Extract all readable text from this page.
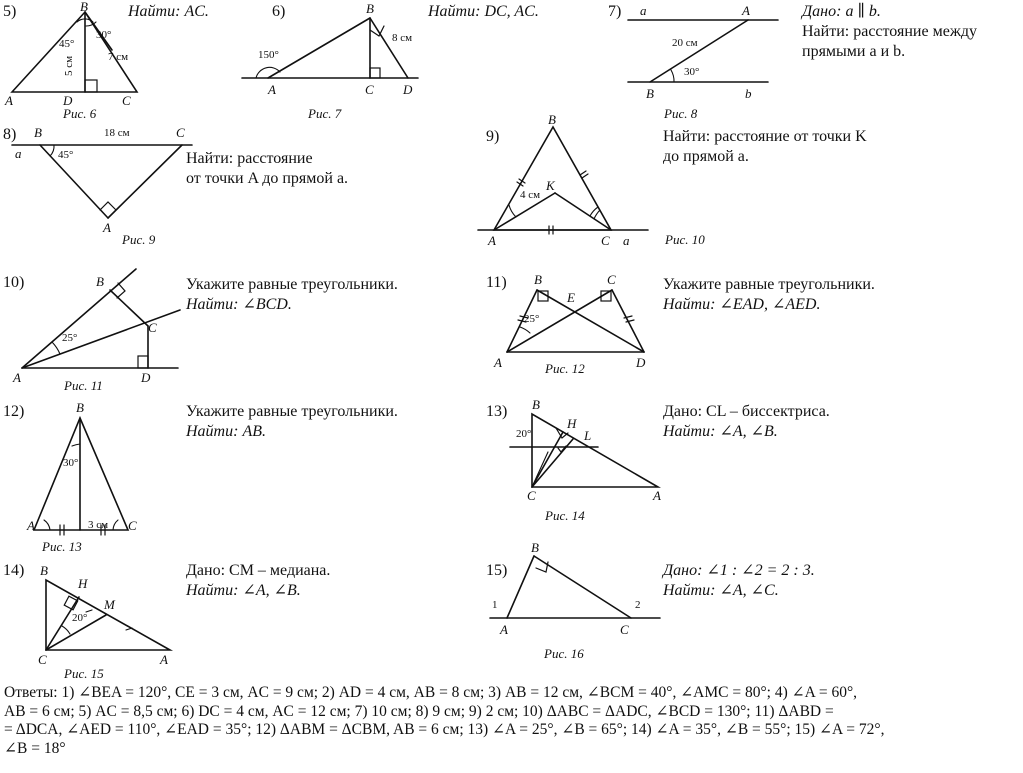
5)	B
45°
30°
7 см
5 см
A	D	C
Рис. 6
Найти: AC.	6)	B
8 см
150°
A	C D
Рис. 7
Найти: DC, AC.	7) a	A
20 см
30°
B	b
Рис. 8
Дано: a ∥ b.
Найти: расстояние между
прямыми a и b.
8) B	18 см	C
a	45°
A
Рис. 9
Найти: расстояние
от точки A до прямой a.
9)
B
K
4 см
A	C a	Рис. 10
Найти: расстояние от точки K
до прямой a.
10)	B
C
25°
A	D
Рис. 11
Укажите равные треугольники.
Найти: ∠BCD.
11) B
E
C
25°
A	D
Рис. 12
Укажите равные треугольники.
Найти: ∠EAD, ∠AED.
12)	B
30°
A	3 см C
Рис. 13
Укажите равные треугольники.
Найти: AB.
13) B
H
L
20°
C	A
Рис. 14
Дано: CL – биссектриса.
Найти: ∠A, ∠B.
14) B
H
M
20°
C	A
Рис. 15
Дано: CM – медиана.
Найти: ∠A, ∠B.
15)
B
1	2
A	C
Рис. 16
Дано: ∠1 : ∠2 = 2 : 3.
Найти: ∠A, ∠C.
Ответы: 1) ∠BEA = 120°, CE = 3 см, AC = 9 см; 2) AD = 4 см, AB = 8 см; 3) AB = 12 см, ∠BCM = 40°, ∠AMC = 80°; 4) ∠A = 60°,
AB = 6 см; 5) AC = 8,5 см; 6) DC = 4 см, AC = 12 см; 7) 10 см; 8) 9 см; 9) 2 см; 10) ΔABC = ΔADC, ∠BCD = 130°; 11) ΔABD =
= ΔDCA, ∠AED = 110°, ∠EAD = 35°; 12) ΔABM = ΔCBM, AB = 6 см; 13) ∠A = 25°, ∠B = 65°; 14) ∠A = 35°, ∠B = 55°; 15) ∠A = 72°,
∠B = 18°
